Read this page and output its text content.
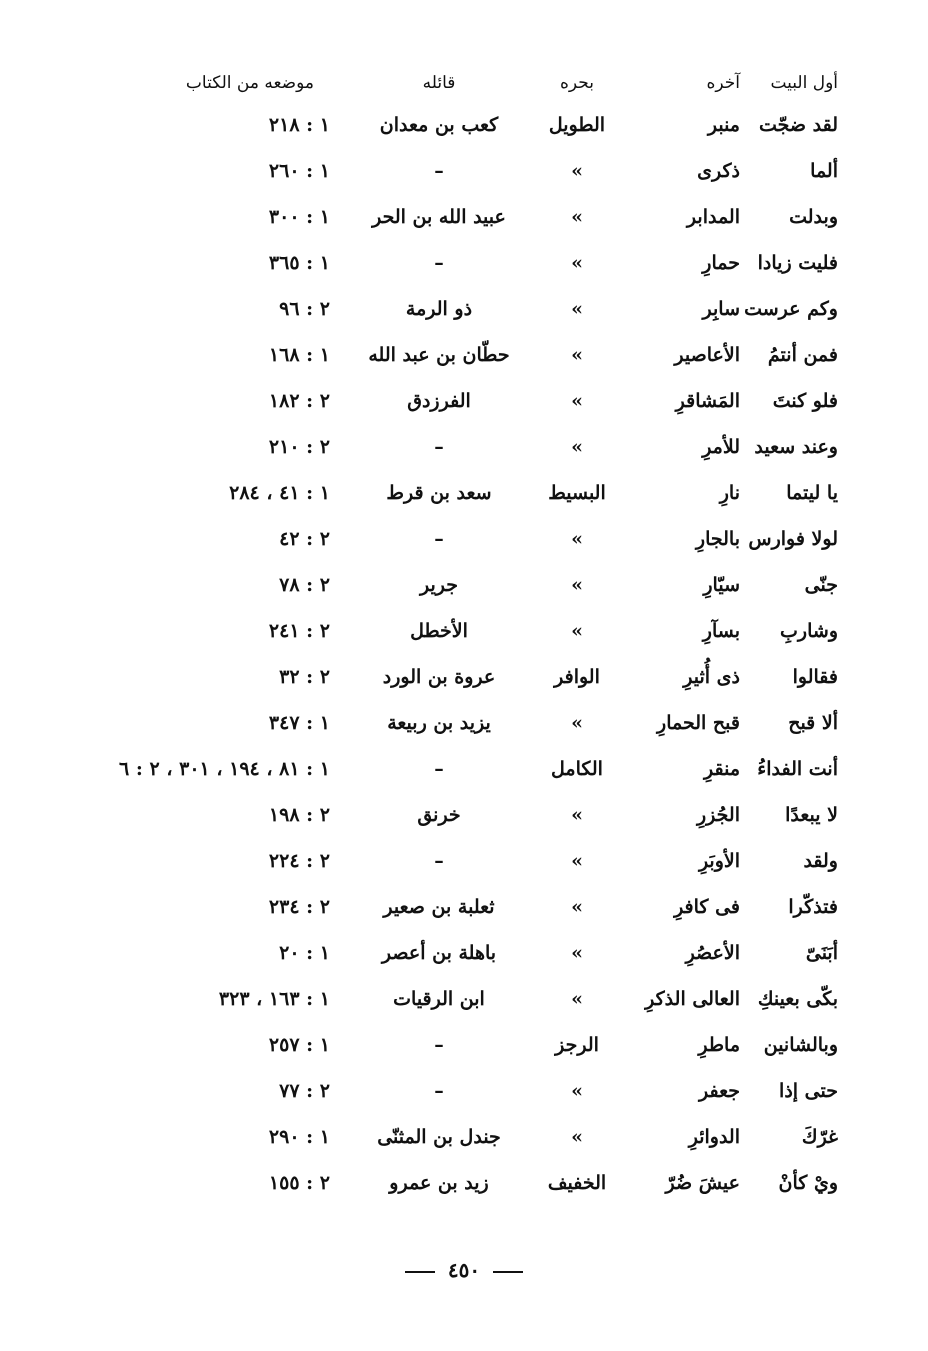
أول البيت
آخره
بحره
قائله
موضعه من الكتاب
لقد ضجّت
منبر
الطويل
كعب بن معدان
١ : ٢١٨
ألما
ذكرى
»
–
١ : ٢٦٠
وبدلت
المدابر
»
عبيد الله بن الحر
١ : ٣٠٠
فليت زيادا
حمارِ
»
–
١ : ٣٦٥
وكم عرست
سابِر
»
ذو الرمة
٢ : ٩٦
فمن أنتمُ
الأعاصير
»
حطّان بن عبد الله
١ : ١٦٨
فلو كنتَ
المَشاقرِ
»
الفرزدق
٢ : ١٨٢
وعند سعيد
للأمرِ
»
–
٢ : ٢١٠
يا ليتما
نارِ
البسيط
سعد بن قرط
١ : ٤١ ، ٢٨٤
لولا فوارس
بالجارِ
»
–
٢ : ٤٢
جنّى
سيّارِ
»
جرير
٢ : ٧٨
وشاربِ
بسآرِ
»
الأخطل
٢ : ٢٤١
فقالوا
ذى أُثيرِ
الوافر
عروة بن الورد
٢ : ٣٢
ألا قبح
قبح الحمارِ
»
يزيد بن ربيعة
١ : ٣٤٧
أنت الفداءُ
منقرِ
الكامل
–
١ : ٨١ ، ١٩٤ ، ٣٠١ ، ٢ : ٦
لا يبعدًا
الجُزرِ
»
خرنق
٢ : ١٩٨
ولقد
الأوبَرِ
»
–
٢ : ٢٢٤
فتذكّرا
فى كافرِ
»
ثعلبة بن صعير
٢ : ٢٣٤
أبَنَىّ
الأعصُرِ
»
باهلة بن أعصر
١ : ٢٠
بكّى بعينكِ
العالى الذكرِ
»
ابن الرقيات
١ : ١٦٣ ، ٣٢٣
وبالشانين
ماطرِ
الرجز
–
١ : ٢٥٧
حتى إذا
جعفر
»
–
٢ : ٧٧
غرّكَ
الدوائرِ
»
جندل بن المثنّى
١ : ٢٩٠
ويْ كأنْ
عيشَ ضُرّ
الخفيف
زيد بن عمرو
٢ : ١٥٥
٤٥٠
